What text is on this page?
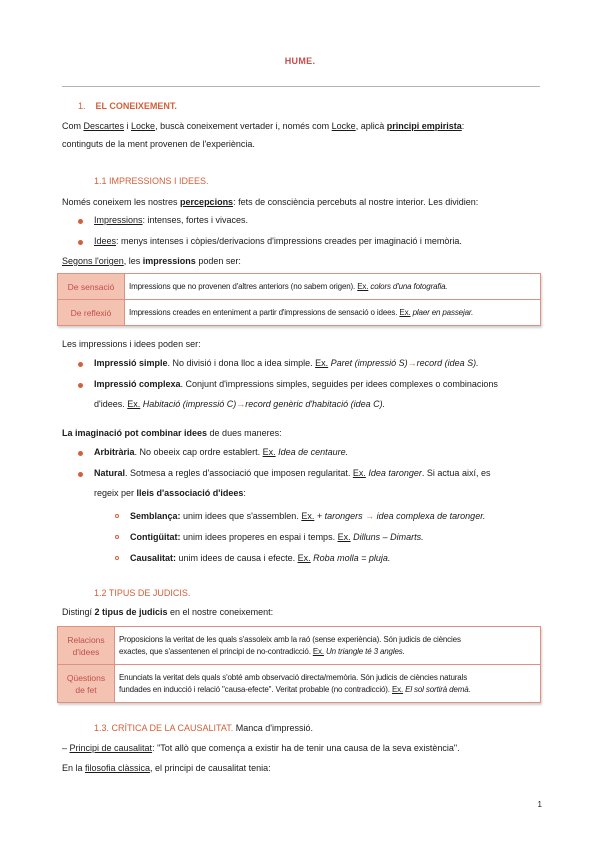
HUME.
1. EL CONEIXEMENT.

Com Descartes i Locke, buscà coneixement vertader i, només com Locke, aplicà principi empirista:

continguts de la ment provenen de l'experiència.

1.1 IMPRESSIONS I IDEES.

Només coneixem les nostres percepcions: fets de consciència percebuts al nostre interior. Les dividien:

Impressions: intenses, fortes i vivaces.

Idees: menys intenses i còpies/derivacions d'impressions creades per imaginació i memòria.

Segons l'origen, les impressions poden ser:

De sensació	Impressions que no provenen d'altres anteriors (no sabem origen). Ex. colors d'una fotografia.
De reflexió	Impressions creades en enteniment a partir d'impressions de sensació o idees. Ex. plaer en passejar.

Les impressions i idees poden ser:

Impressió simple. No divisió i dona lloc a idea simple. Ex. Paret (impressió S)→record (idea S).

Impressió complexa. Conjunt d'impressions simples, seguides per idees complexes o combinacions

d'idees. Ex. Habitació (impressió C)→record genèric d'habitació (idea C).

La imaginació pot combinar idees de dues maneres:

Arbitrària. No obeeix cap ordre establert. Ex. Idea de centaure.

Natural. Sotmesa a regles d'associació que imposen regularitat. Ex. Idea taronger. Si actua així, es

regeix per lleis d'associació d'idees:

Semblança: unim idees que s'assemblen. Ex. + tarongers → idea complexa de taronger.

Contigüitat: unim idees properes en espai i temps. Ex. Dilluns – Dimarts.

Causalitat: unim idees de causa i efecte. Ex. Roba molla = pluja.

1.2 TIPUS DE JUDICIS.

Distingí 2 tipus de judicis en el nostre coneixement:

Relacions
d'idees	Proposicions la veritat de les quals s'assoleix amb la raó (sense experiència). Són judicis de ciències
exactes, que s'assentenen el principi de no-contradicció. Ex. Un triangle té 3 angles.
Qüestions
de fet	Enunciats la veritat dels quals s'obté amb observació directa/memòria. Són judicis de ciències naturals
fundades en inducció i relació "causa-efecte". Veritat probable (no contradicció). Ex. El sol sortirà demà.

1.3. CRÍTICA DE LA CAUSALITAT. Manca d'impressió.

– Principi de causalitat: "Tot allò que comença a existir ha de tenir una causa de la seva existència".

En la filosofia clàssica, el principi de causalitat tenia:

1
